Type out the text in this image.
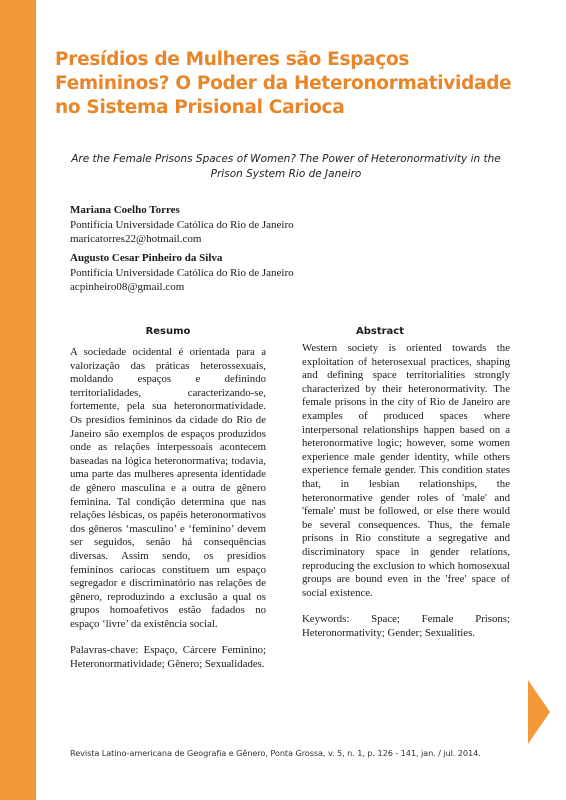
Presídios de Mulheres são Espaços Femininos? O Poder da Heteronormatividade no Sistema Prisional Carioca
Are the Female Prisons Spaces of Women? The Power of Heteronormativity in the Prison System Rio de Janeiro
Mariana Coelho Torres
Pontifícia Universidade Católica do Rio de Janeiro
maricatorres22@hotmail.com
Augusto Cesar Pinheiro da Silva
Pontifícia Universidade Católica do Rio de Janeiro
acpinheiro08@gmail.com
Resumo	Abstract

A sociedade ocidental é orientada para a valorização das práticas heterossexuais, moldando espaços e definindo territorialidades, caracterizando-se, fortemente, pela sua heteronormatividade. Os presídios femininos da cidade do Rio de Janeiro são exemplos de espaços produzidos onde as relações interpessoais acontecem baseadas na lógica heteronormativa; todavia, uma parte das mulheres apresenta identidade de gênero masculina e a outra de gênero feminina. Tal condição determina que nas relações lésbicas, os papéis heteronormativos dos gêneros ‘masculino’ e ‘feminino’ devem ser seguidos, senão há consequências diversas. Assim sendo, os presídios femininos cariocas constituem um espaço segregador e discriminatório nas relações de gênero, reproduzindo a exclusão a qual os grupos homoafetivos estão fadados no espaço ‘livre’ da existência social.

Palavras-chave: Espaço, Cárcere Feminino; Heteronormatividade; Gênero; Sexualidades.

Western society is oriented towards the exploitation of heterosexual practices, shaping and defining space territorialities strongly characterized by their heteronormativity. The female prisons in the city of Rio de Janeiro are examples of produced spaces where interpersonal relationships happen based on a heteronormative logic; however, some women experience male gender identity, while others experience female gender. This condition states that, in lesbian relationships, the heteronormative gender roles of 'male' and 'female' must be followed, or else there would be several consequences. Thus, the female prisons in Rio constitute a segregative and discriminatory space in gender relations, reproducing the exclusion to which homosexual groups are bound even in the 'free' space of social existence.

Keywords: Space; Female Prisons; Heteronormativity; Gender; Sexualities.

Revista Latino-americana de Geografia e Gênero, Ponta Grossa, v. 5, n. 1, p. 126 - 141, jan. / jul. 2014.
